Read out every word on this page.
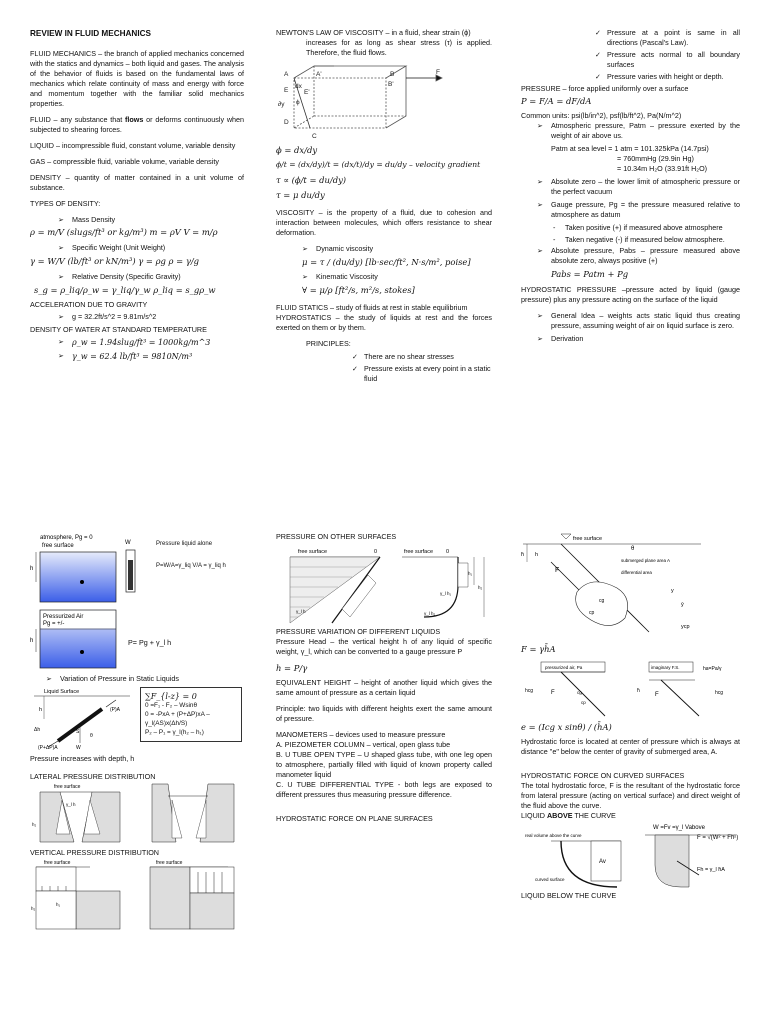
REVIEW IN FLUID MECHANICS

FLUID MECHANICS – the branch of applied mechanics concerned with the statics and dynamics – both liquid and gases. The analysis of the behavior of fluids is based on the fundamental laws of mechanics which relate continuity of mass and energy with force and momentum together with the familiar solid mechanics properties.

FLUID – any substance that flows or deforms continuously when subjected to shearing forces.

LIQUID – incompressible fluid, constant volume, variable density

GAS – compressible fluid, variable volume, variable density

DENSITY – quantity of matter contained in a unit volume of substance.

TYPES OF DENSITY:

➢ Mass Density
ρ = m/V (slugs/ft³ or kg/m³) m = ρV V = m/ρ
➢ Specific Weight (Unit Weight)
γ = W/V (lb/ft³ or kN/m³) γ = ρg ρ = γ/g
➢ Relative Density (Specific Gravity)
s_g = ρ_liq/ρ_w = γ_liq/γ_w ρ_liq = s_gρ_w
ACCELERATION DUE TO GRAVITY
➢ g = 32.2ft/s^2 = 9.81m/s^2
DENSITY OF WATER AT STANDARD TEMPERATURE
➢ ρ_w = 1.94slug/ft³ = 1000kg/m^3
➢ γ_w = 62.4 lb/ft³ = 9810N/m³
NEWTON'S LAW OF VISCOSITY – in a fluid, shear strain (ϕ)

increases for as long as shear stress (τ) is applied. Therefore, the fluid flows.

A	A'	B
B'
F
E E'
dx
∂y ϕ
D
C
ϕ = dx/dy
ϕ/t = (dx/dy)/t = (dx/t)/dy = du/dy – velocity gradient
τ ∝ (ϕ/t = du/dy)
τ = μ du/dy

VISCOSITY – is the property of a fluid, due to cohesion and interaction between molecules, which offers resistance to shear deformation.

➢ Dynamic viscosity
μ = τ / (du/dy) [lb·sec/ft², N·s/m², poise]
➢ Kinematic Viscosity
∀ = μ/ρ [ft²/s, m²/s, stokes]
FLUID STATICS – study of fluids at rest in stable equilibrium

HYDROSTATICS – the study of liquids at rest and the forces exerted on them or by them.

PRINCIPLES:
✓ There are no shear stresses
✓ Pressure exists at every point in a static fluid
✓ Pressure at a point is same in all directions (Pascal's Law).
✓ Pressure acts normal to all boundary surfaces
✓ Pressure varies with height or depth.
PRESSURE – force applied uniformly over a surface
P = F/A = dF/dA
Common units: psi(lb/in^2), psf(lb/ft^2), Pa(N/m^2)
➢ Atmospheric pressure, Patm – pressure exerted by the weight of air above us.
Patm at sea level = 1 atm = 101.325kPa (14.7psi)
= 760mmHg (29.9in Hg)
= 10.34m H₂O (33.91ft H₂O)
➢ Absolute zero – the lower limit of atmospheric pressure or the perfect vacuum
➢ Gauge pressure, Pg = the pressure measured relative to atmosphere as datum
- Taken positive (+) if measured above atmosphere
- Taken negative (-) if measured below atmosphere.
➢ Absolute pressure, Pabs – pressure measured above absolute zero, always positive (+)
Pabs = Patm + Pg

HYDROSTATIC PRESSURE –pressure acted by liquid (gauge pressure) plus any pressure acting on the surface of the liquid

➢ General Idea – weights acts static liquid thus creating pressure, assuming weight of air on liquid surface is zero.
➢ Derivation
atmosphere, Pg = 0
free surface
h
W	Pressure liquid alone
P=W/A=γ_liq V/A = γ_liq h
Pressurized Air
Pg = +/-
h	P= Pg + γ_l h
➢ Variation of Pressure in Static Liquids
Liquid Surface
h	(P)A
(P+ΔP)A
Δh	S
θ
W
∑F_{l-z} = 0
0 =F₁ - F₂ – Wsinθ
0 = -PxA + (P+ΔP)xA –
γ_l(AS)x(Δh/S)
P₂ – P₁ = γ_l(h₂ – h₁)
Pressure increases with depth, h
LATERAL PRESSURE DISTRIBUTION
free surface
h₂
γ_l h
VERTICAL PRESSURE DISTRIBUTION
free surface
h₂
h₁
free surface
PRESSURE ON OTHER SURFACES
free surface	0
γ_l h
free surface 0
γ_l h₁
γ_l h₂
h₁
h₂
PRESSURE VARIATION OF DIFFERENT LIQUIDS

Pressure Head – the vertical height h of any liquid of specific weight, γ_l, which can be converted to a gauge pressure P

h = P/γ

EQUIVALENT HEIGHT – height of another liquid which gives the same amount of pressure as a certain liquid

Principle: two liquids with different heights exert the same amount of pressure.

MANOMETERS – devices used to measure pressure
A. PIEZOMETER COLUMN – vertical, open glass tube

B. U TUBE OPEN TYPE – U shaped glass tube, with one leg open to atmosphere, partially filled with liquid of known property called manometer liquid

C. U TUBE DIFFERENTIAL TYPE - both legs are exposed to different pressures thus measuring pressure difference.

HYDROSTATIC FORCE ON PLANE SURFACES
free surface
h̄ h
F
θ
cg
cp
y
ȳ
ycp
submerged plane area A
differential area
F = γh̄A
pressurized air, Pa
hcg	F	cg
cp
imaginary F.S.	ha=Pa/γ
h̄	hcg
F
e = (Icg x sinθ) / (h̄A)

Hydrostatic force is located at center of pressure which is always at distance "e" below the center of gravity of submerged area, A.

HYDROSTATIC FORCE ON CURVED SURFACES

The total hydrostatic force, F is the resultant of the hydrostatic force from lateral pressure (acting on vertical surface) and direct weight of the fluid above the curve.

LIQUID ABOVE THE CURVE
W =Fv =γ_l Vabove
real volume above the curve
Av
curved surface
F = √(W² + Fh²)
Fh = γ_l h̄A
LIQUID BELOW THE CURVE
